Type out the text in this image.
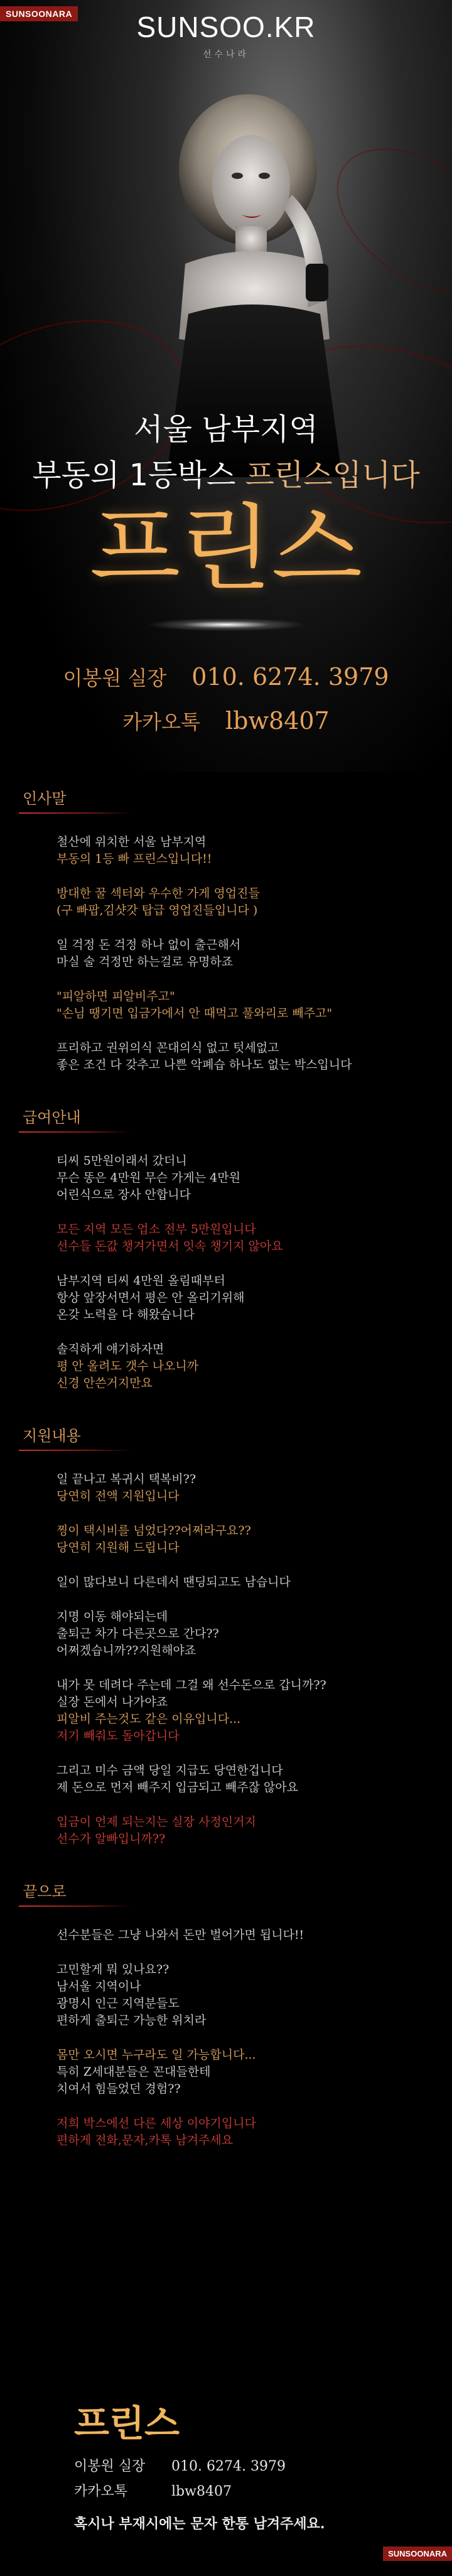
SUNSOONARA	SUNSOO.KR
선수나라
서울 남부지역
부동의 1등박스 프린스입니다
프린스
이봉원 실장 010. 6274. 3979
카카오톡 lbw8407
인사말
철산에 위치한 서울 남부지역
부동의 1등 빠 프린스입니다!!
방대한 꿀 섹터와 우수한 가게 영업진들
(구 빠팝,김샷갓 탑급 영업진들입니다 )
일 걱정 돈 걱정 하나 없이 출근해서
마실 술 걱정만 하는걸로 유명하죠
"피알하면 피알비주고"
"손님 땡기면 입금가에서 안 때먹고 풀와리로 빼주고"
프리하고 권위의식 꼰대의식 없고 텃세없고
좋은 조건 다 갖추고 나쁜 악폐습 하나도 없는 박스입니다
급여안내
티씨 5만원이래서 갔더니
무슨 똥은 4만원 무슨 가게는 4만원
어린식으로 장사 안합니다
모든 지역 모든 업소 전부 5만원입니다
선수들 돈값 챙겨가면서 잇속 챙기지 않아요
남부지역 티씨 4만원 올림때부터
항상 앞장서면서 평은 안 올리기위해
온갖 노력을 다 해왔습니다
솔직하게 얘기하자면
평 안 올려도 갯수 나오니까
신경 안쓴거지만요
지원내용
일 끝나고 복귀시 택복비??
당연히 전액 지원입니다
찡이 택시비를 넘었다??어쩌라구요??
당연히 지원해 드립니다
일이 많다보니 다른데서 땐딩되고도 남습니다
지명 이동 해야되는데
출퇴근 차가 다른곳으로 간다??
어쩌겠습니까??지원해야죠
내가 못 데려다 주는데 그걸 왜 선수돈으로 갑니까??
실장 돈에서 나가야죠
피알비 주는것도 같은 이유입니다...
저기 빼줘도 돌아갑니다
그리고 미수 금액 당일 지급도 당연한겁니다
제 돈으로 먼저 빼주지 입금되고 빼주잖 않아요
입금이 언제 되는지는 실장 사정인거지
선수가 알빠입니까??
끝으로
선수분들은 그냥 나와서 돈만 벌어가면 됩니다!!
고민할게 뭐 있나요??
남서울 지역이나
광명시 인근 지역분들도
편하게 출퇴근 가능한 위치라
몸만 오시면 누구라도 일 가능합니다...
특히 Z세대분들은 꼰대들한테
치여서 힘들었던 경험??
저희 박스에선 다른 세상 이야기입니다
편하게 전화,문자,카톡 남겨주세요
프린스
이봉원 실장 010. 6274. 3979
카카오톡	lbw8407
혹시나 부재시에는 문자 한통 남겨주세요.
SUNSOONARA
